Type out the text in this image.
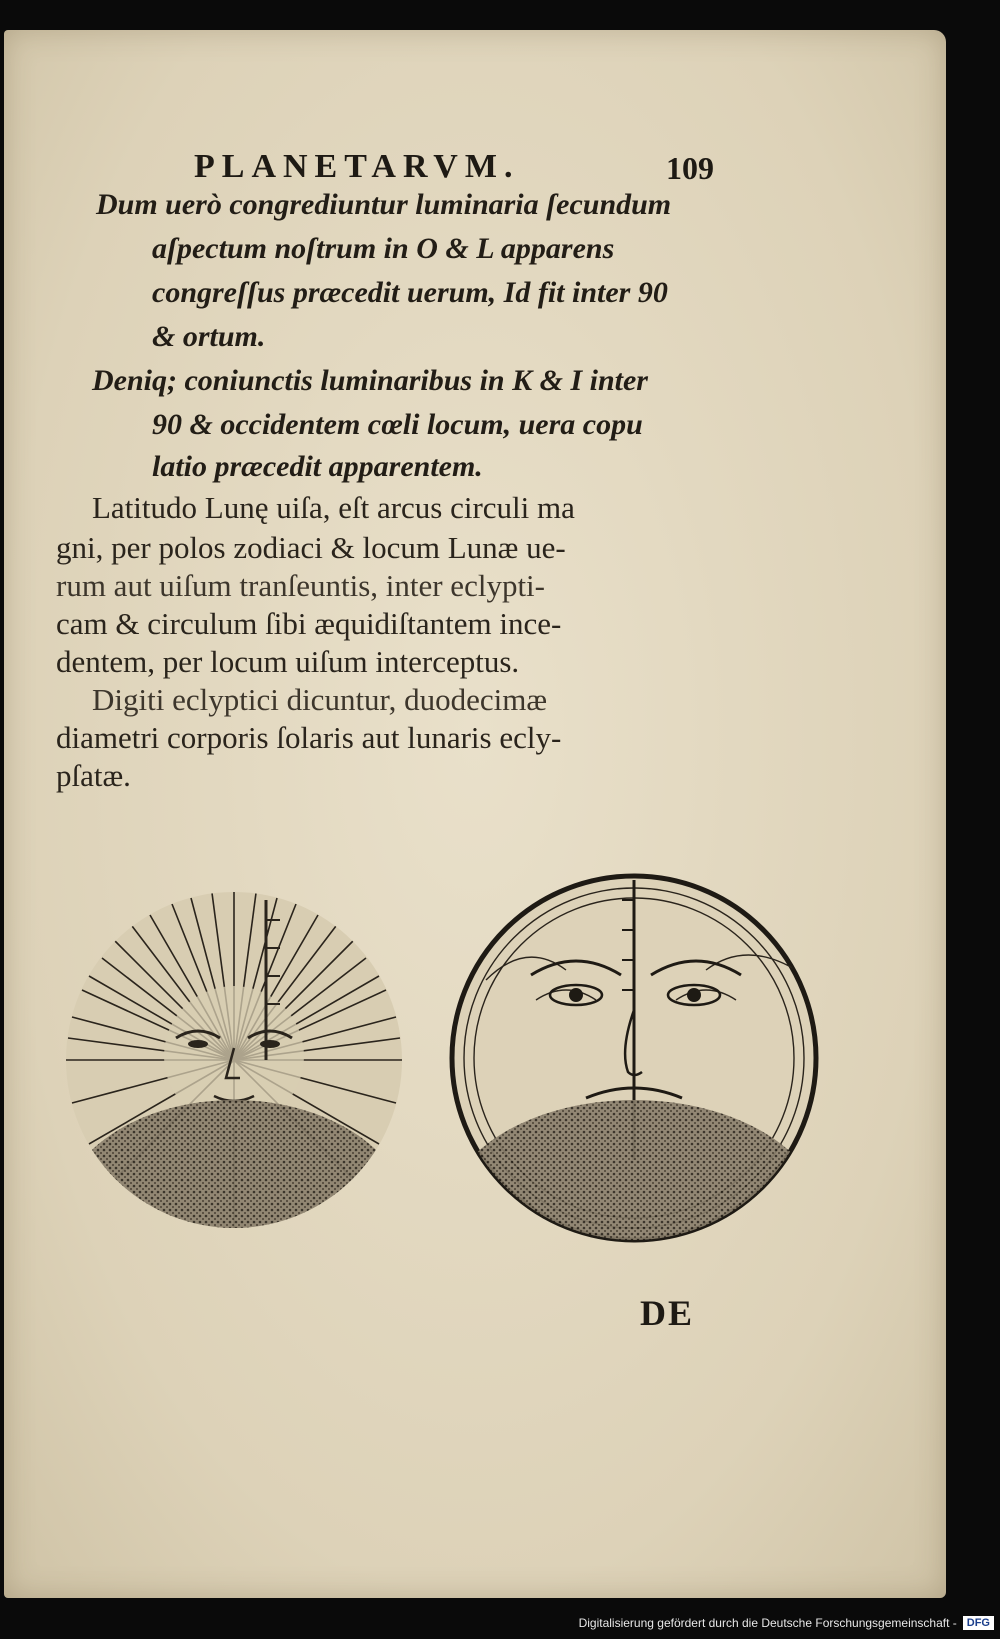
PLANETARVM.	109
Dum uerò congrediuntur luminaria ſecundum
aſpectum noſtrum in O & L apparens
congreſſus præcedit uerum, Id fit inter 90
& ortum.
Deniq; coniunctis luminaribus in K & I inter
90 & occidentem cœli locum, uera copu
latio præcedit apparentem.
Latitudo Lunę uiſa, eſt arcus circuli ma
gni, per polos zodiaci & locum Lunæ ue-
rum aut uiſum tranſeuntis, inter eclypti-
cam & circulum ſibi æquidiſtantem ince-
dentem, per locum uiſum interceptus.
Digiti eclyptici dicuntur, duodecimæ
diametri corporis ſolaris aut lunaris ecly-
pſatæ.
DE
Digitalisierung gefördert durch die Deutsche Forschungsgemeinschaft - DFG
